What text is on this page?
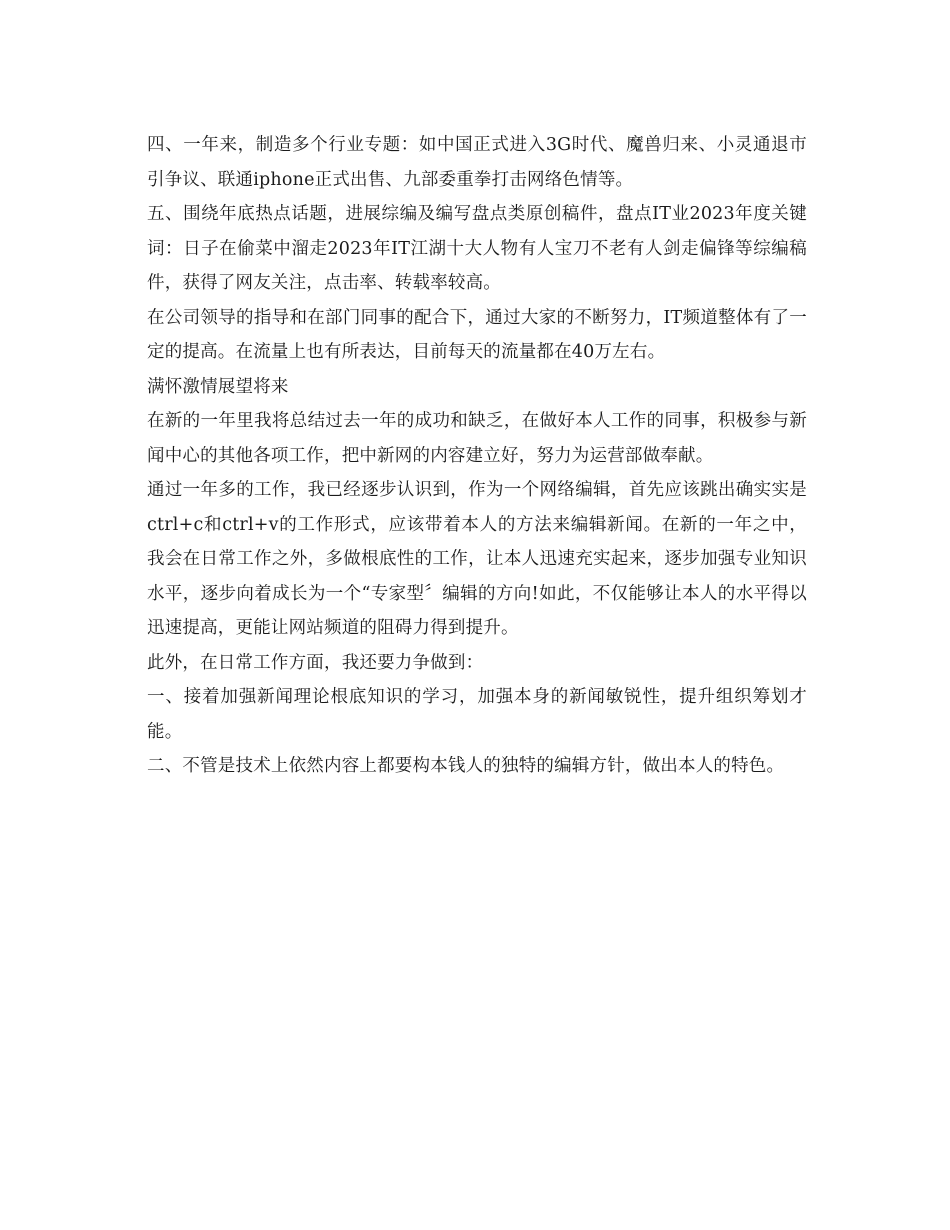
四、一年来，制造多个行业专题：如中国正式进入3G时代、魔兽归来、小灵通退市引争议、联通iphone正式出售、九部委重拳打击网络色情等。

五、围绕年底热点话题，进展综编及编写盘点类原创稿件，盘点IT业2023年度关键词：日子在偷菜中溜走2023年IT江湖十大人物有人宝刀不老有人剑走偏锋等综编稿件，获得了网友关注，点击率、转载率较高。

在公司领导的指导和在部门同事的配合下，通过大家的不断努力，IT频道整体有了一定的提高。在流量上也有所表达，目前每天的流量都在40万左右。

满怀激情展望将来

在新的一年里我将总结过去一年的成功和缺乏，在做好本人工作的同事，积极参与新闻中心的其他各项工作，把中新网的内容建立好，努力为运营部做奉献。

通过一年多的工作，我已经逐步认识到，作为一个网络编辑，首先应该跳出确实实是ctrl+c和ctrl+v的工作形式，应该带着本人的方法来编辑新闻。在新的一年之中，我会在日常工作之外，多做根底性的工作，让本人迅速充实起来，逐步加强专业知识水平，逐步向着成长为一个“专家型〞编辑的方向!如此，不仅能够让本人的水平得以迅速提高，更能让网站频道的阻碍力得到提升。

此外，在日常工作方面，我还要力争做到：

一、接着加强新闻理论根底知识的学习，加强本身的新闻敏锐性，提升组织筹划才能。

二、不管是技术上依然内容上都要构本钱人的独特的编辑方针，做出本人的特色。
